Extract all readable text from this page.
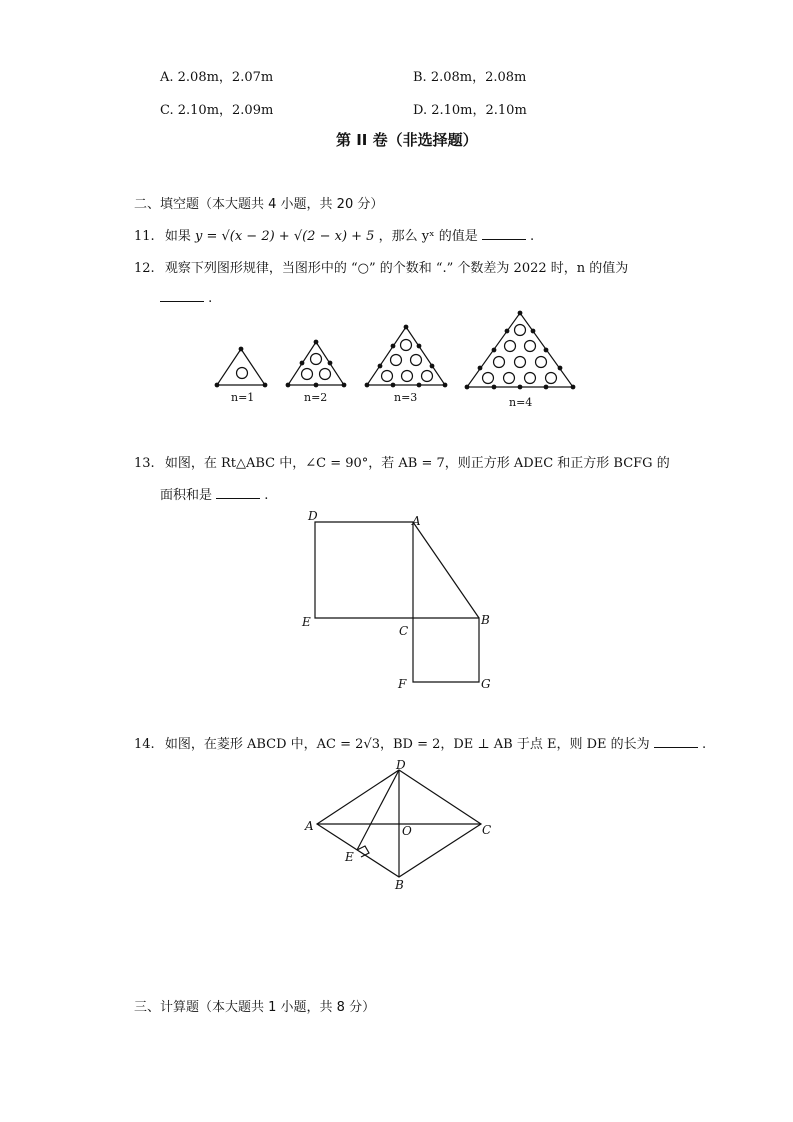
A. 2.08m，2.07m	B. 2.08m，2.08m
C. 2.10m，2.09m	D. 2.10m，2.10m
第 II 卷（非选择题）
二、填空题（本大题共 4 小题，共 20 分）
11. 如果 y = √(x − 2) + √(2 − x) + 5 ，那么 yˣ 的值是	.
12. 观察下列图形规律，当图形中的 “○” 的个数和 “.” 个数差为 2022 时，n 的值为
.
n=1	n=2	n=3	n=4
13. 如图，在 Rt△ABC 中，∠C = 90°，若 AB = 7，则正方形 ADEC 和正方形 BCFG 的
面积和是	.
D	A
E
C
B
F	G
14. 如图，在菱形 ABCD 中，AC = 2√3，BD = 2，DE ⊥ AB 于点 E，则 DE 的长为	.
D
A	O	C
E
B
三、计算题（本大题共 1 小题，共 8 分）
